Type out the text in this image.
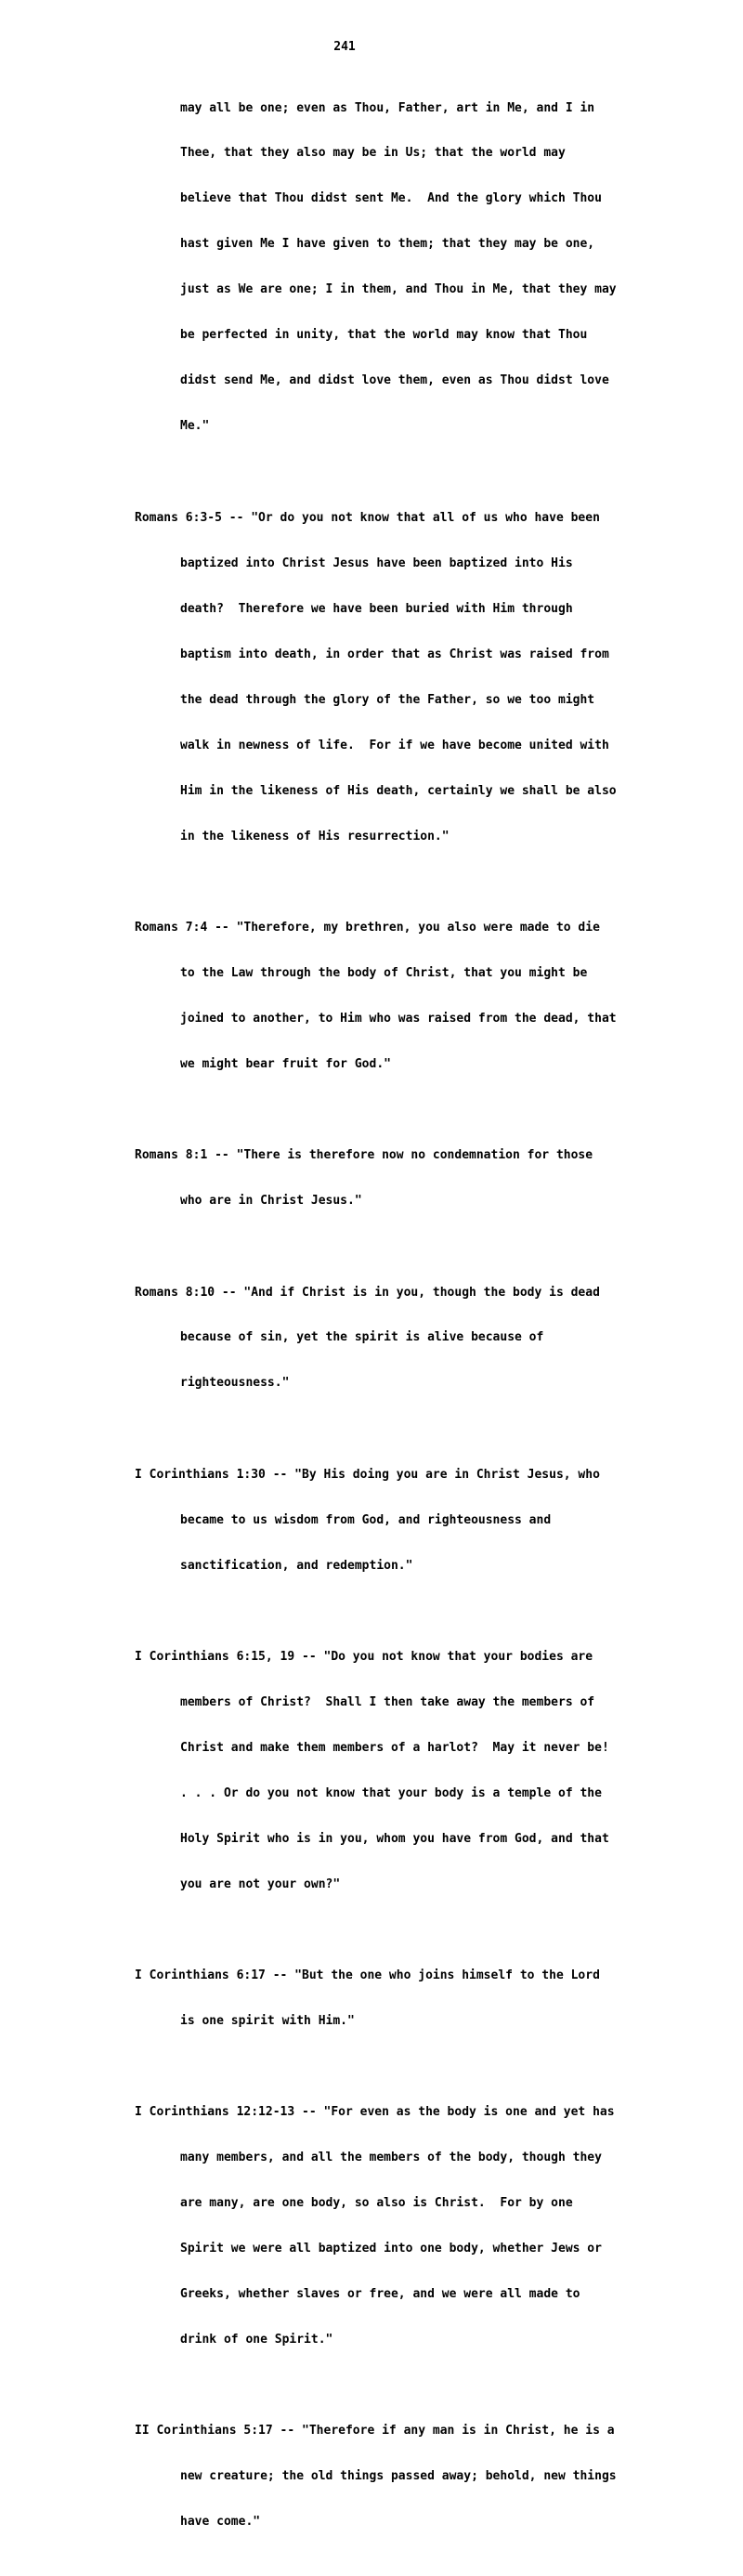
241

may all be one; even as Thou, Father, art in Me, and I in

Thee, that they also may be in Us; that the world may

believe that Thou didst sent Me.  And the glory which Thou

hast given Me I have given to them; that they may be one,

just as We are one; I in them, and Thou in Me, that they may

be perfected in unity, that the world may know that Thou

didst send Me, and didst love them, even as Thou didst love

Me."

Romans 6:3-5 -- "Or do you not know that all of us who have been

baptized into Christ Jesus have been baptized into His

death?  Therefore we have been buried with Him through

baptism into death, in order that as Christ was raised from

the dead through the glory of the Father, so we too might

walk in newness of life.  For if we have become united with

Him in the likeness of His death, certainly we shall be also

in the likeness of His resurrection."

Romans 7:4 -- "Therefore, my brethren, you also were made to die

to the Law through the body of Christ, that you might be

joined to another, to Him who was raised from the dead, that

we might bear fruit for God."

Romans 8:1 -- "There is therefore now no condemnation for those

who are in Christ Jesus."

Romans 8:10 -- "And if Christ is in you, though the body is dead

because of sin, yet the spirit is alive because of

righteousness."

I Corinthians 1:30 -- "By His doing you are in Christ Jesus, who

became to us wisdom from God, and righteousness and

sanctification, and redemption."

I Corinthians 6:15, 19 -- "Do you not know that your bodies are

members of Christ?  Shall I then take away the members of

Christ and make them members of a harlot?  May it never be!

. . . Or do you not know that your body is a temple of the

Holy Spirit who is in you, whom you have from God, and that

you are not your own?"

I Corinthians 6:17 -- "But the one who joins himself to the Lord

is one spirit with Him."

I Corinthians 12:12-13 -- "For even as the body is one and yet has

many members, and all the members of the body, though they

are many, are one body, so also is Christ.  For by one

Spirit we were all baptized into one body, whether Jews or

Greeks, whether slaves or free, and we were all made to

drink of one Spirit."

II Corinthians 5:17 -- "Therefore if any man is in Christ, he is a

new creature; the old things passed away; behold, new things

have come."
